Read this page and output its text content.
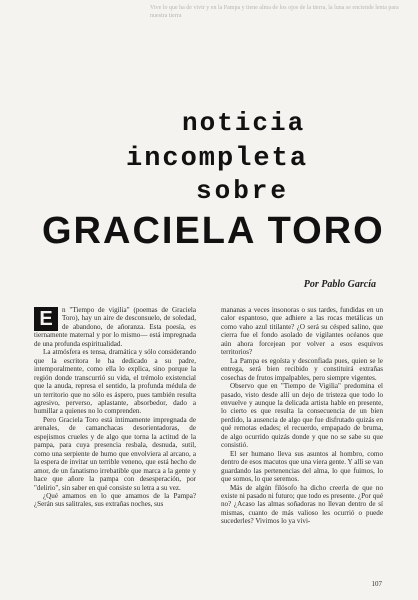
Vive lo que ha de vivir y en la Pampa y tiene alma de los ojos de la tierra, la luna se enciende lenta para nuestra tierra
noticia
incompleta
sobre
GRACIELA TORO
Por Pablo García

E	n "Tiempo de vigilia" (poemas de Graciela Toro), hay un aire de desconsuelo, de soledad, de abandono, de añoranza. Esta poesía, es tiernamente maternal y por lo mismo— está impregnada de una profunda espiritualidad.

La atmósfera es tensa, dramática y sólo considerando que la escritora le ha dedicado a su padre, intemporalmente, como ella lo explica, sino porque la región donde transcurrió su vida, el trémolo existencial que la anuda, represa el sentido, la profunda médula de un territorio que no sólo es áspero, pues también resulta agresivo, perverso, aplastante, absorbedor, dado a humillar a quienes no lo comprenden.

Pero Graciela Toro está íntimamente impregnada de arenales, de camanchacas desorientadoras, de espejismos crueles y de algo que torna la actitud de la pampa, para cuya presencia resbala, desnuda, sutil, como una serpiente de humo que envolviera al arcano, a la espera de invitar un terrible veneno, que está hecho de amor, de un fanatismo irrebatible que marca a la gente y hace que añore la pampa con desesperación, por "delirio", sin saber en qué consiste su letra a su vez.

¿Qué amamos en lo que amamos de la Pampa? ¿Serán sus salitrales, sus extrañas noches, sus

mananas a veces insonoras o sus tardes, fundidas en un calor espantoso, que adhiere a las rocas metálicas un como vaho azul titilante? ¿O será su césped salino, que cierra fue el fondo asolado de vigilantes océanos que aún ahora forcejean por volver a esos esquivos territorios?

La Pampa es egoísta y desconfiada pues, quien se le entrega, será bien recibido y constituirá extrañas cosechas de frutos impalpables, pero siempre vigentes.

Observo que en "Tiempo de Vigilia" predomina el pasado, visto desde allí un dejo de tristeza que todo lo envuelve y aunque la delicada artista hable en presente, lo cierto es que resulta la consecuencia de un bien perdido, la ausencia de algo que fue disfrutado quizás en qué remotas edades; el recuerdo, empapado de bruma, de algo ocurrido quizás donde y que no se sabe su que consistió.

El ser humano lleva sus asuntos al hombro, como dentro de esos macutos que una viera gente. Y allí se van guardando las pertenencias del alma, lo que fuimos, lo que somos, lo que seremos.

Más de algún filósofo ha dicho creerla de que no existe ni pasado ni futuro; que todo es presente. ¿Por qué no? ¿Acaso las almas soñadoras no llevan dentro de sí mismas, cuanto de más valioso les ocurrió o puede sucederles? Vivimos lo ya vivi-

107
